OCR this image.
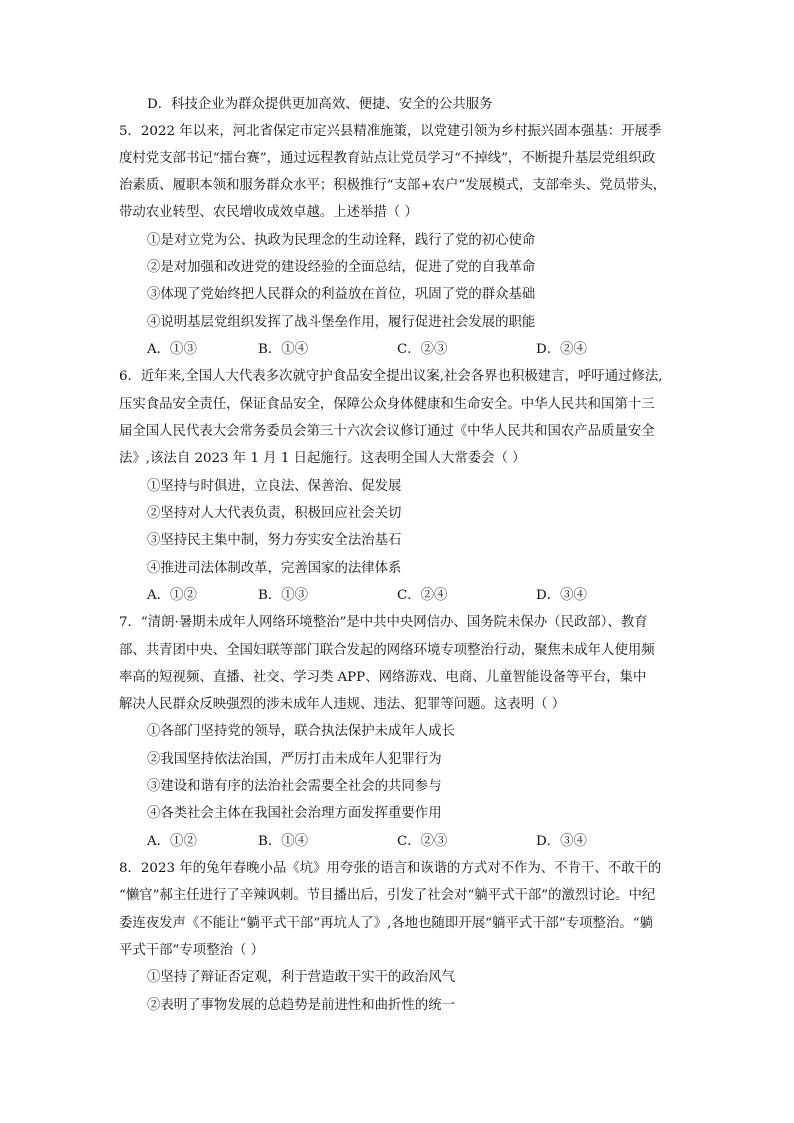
D．科技企业为群众提供更加高效、便捷、安全的公共服务
5．2022 年以来，河北省保定市定兴县精准施策，以党建引领为乡村振兴固本强基：开展季
度村党支部书记“擂台赛”，通过远程教育站点让党员学习“不掉线”，不断提升基层党组织政
治素质、履职本领和服务群众水平；积极推行“支部+农户”发展模式，支部牵头、党员带头，
带动农业转型、农民增收成效卓越。上述举措（ ）
①是对立党为公、执政为民理念的生动诠释，践行了党的初心使命
②是对加强和改进党的建设经验的全面总结，促进了党的自我革命
③体现了党始终把人民群众的利益放在首位，巩固了党的群众基础
④说明基层党组织发挥了战斗堡垒作用，履行促进社会发展的职能
A．①③	B．①④	C．②③	D．②④
6．近年来,全国人大代表多次就守护食品安全提出议案,社会各界也积极建言，呼吁通过修法,
压实食品安全责任，保证食品安全，保障公众身体健康和生命安全。中华人民共和国第十三
届全国人民代表大会常务委员会第三十六次会议修订通过《中华人民共和国农产品质量安全
法》,该法自 2023 年 1 月 1 日起施行。这表明全国人大常委会（ ）
①坚持与时俱进，立良法、保善治、促发展
②坚持对人大代表负责，积极回应社会关切
③坚持民主集中制，努力夯实安全法治基石
④推进司法体制改革，完善国家的法律体系
A．①②	B．①③	C．②④	D．③④
7．“清朗·暑期未成年人网络环境整治”是中共中央网信办、国务院未保办（民政部）、教育
部、共青团中央、全国妇联等部门联合发起的网络环境专项整治行动，聚焦未成年人使用频
率高的短视频、直播、社交、学习类 APP、网络游戏、电商、儿童智能设备等平台，集中
解决人民群众反映强烈的涉未成年人违规、违法、犯罪等问题。这表明（ ）
①各部门坚持党的领导，联合执法保护未成年人成长
②我国坚持依法治国，严厉打击未成年人犯罪行为
③建设和谐有序的法治社会需要全社会的共同参与
④各类社会主体在我国社会治理方面发挥重要作用
A．①②	B．①④	C．②③	D．③④
8．2023 年的兔年春晚小品《坑》用夸张的语言和诙谐的方式对不作为、不肯干、不敢干的
“懒官”郝主任进行了辛辣讽刺。节目播出后，引发了社会对“躺平式干部”的激烈讨论。中纪
委连夜发声《不能让“躺平式干部”再坑人了》,各地也随即开展“躺平式干部”专项整治。“躺
平式干部”专项整治（ ）
①坚持了辩证否定观，利于营造敢干实干的政治风气
②表明了事物发展的总趋势是前进性和曲折性的统一
